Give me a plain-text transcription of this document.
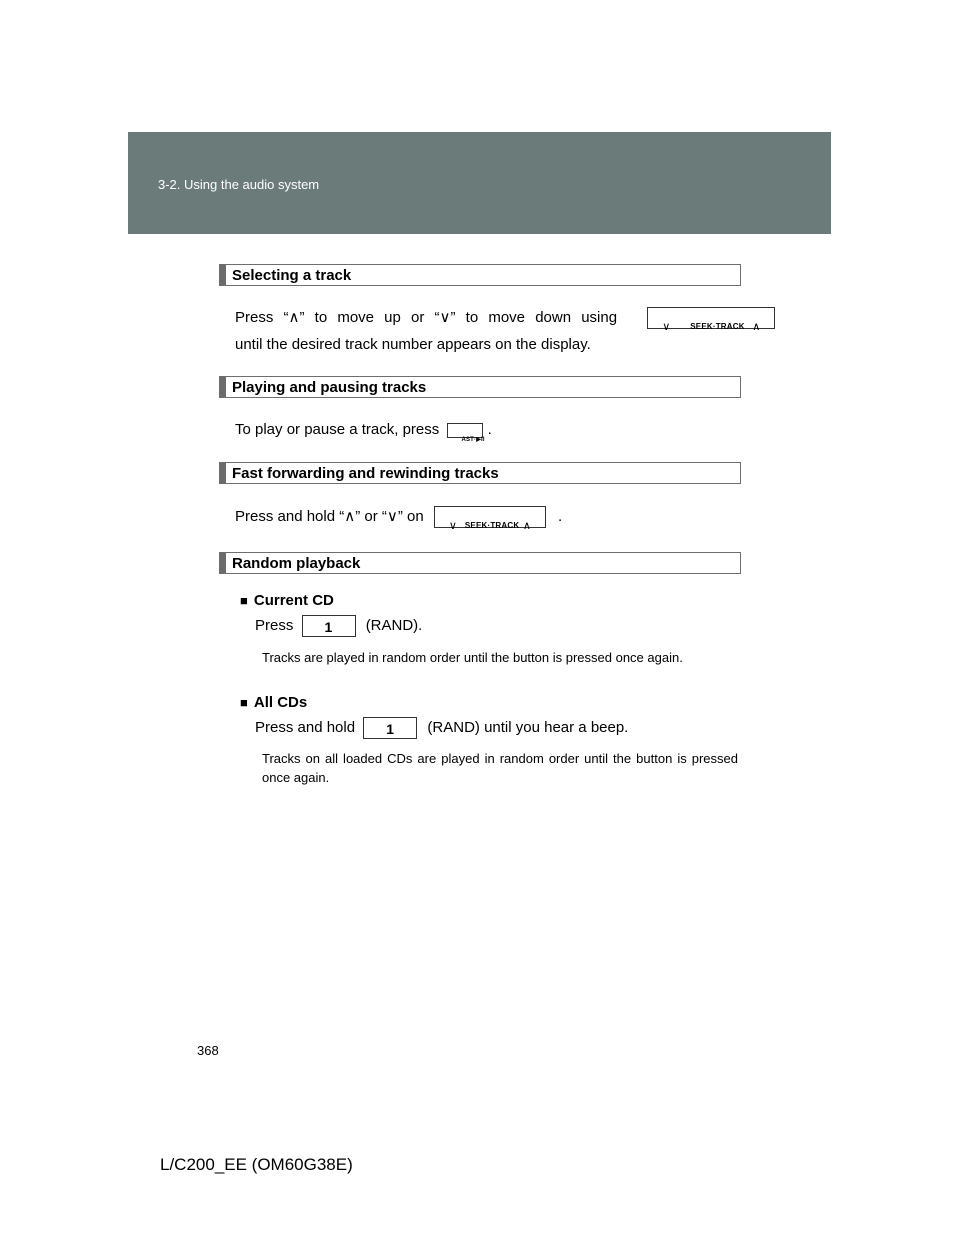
3-2. Using the audio system
Selecting a track
Press “∧” to move up or “∨” to move down using
∨ SEEK·TRACK ∧
until the desired track number appears on the display.
Playing and pausing tracks
To play or pause a track, press
AST·▶II
.
Fast forwarding and rewinding tracks
Press and hold “∧” or “∨” on
∨ SEEK·TRACK ∧
.
Random playback
■ Current CD
Press 1 (RAND).
Tracks are played in random order until the button is pressed once again.
■ All CDs
Press and hold 1 (RAND) until you hear a beep.
Tracks on all loaded CDs are played in random order until the button is pressed once again.
368
L/C200_EE (OM60G38E)
